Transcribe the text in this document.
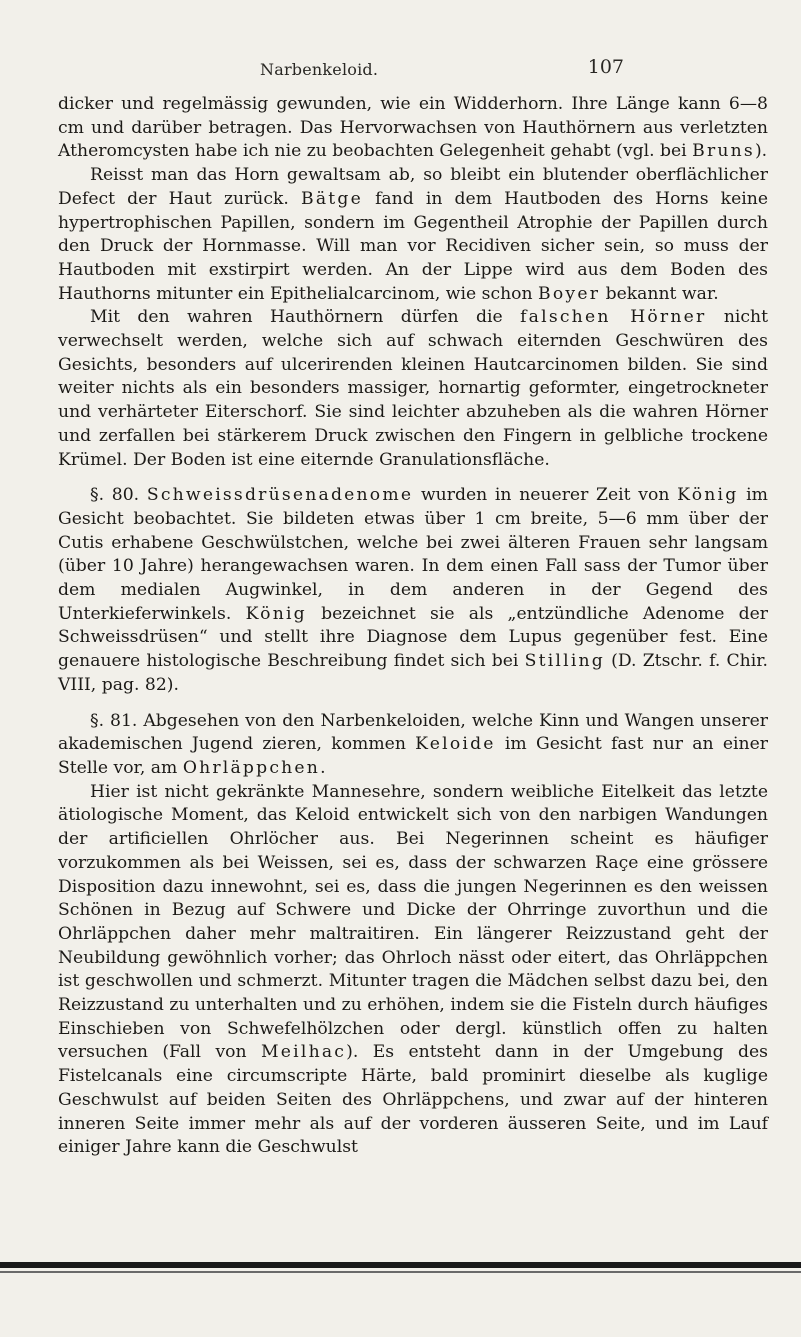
Narbenkeloid.	107

dicker und regelmässig gewunden, wie ein Widderhorn. Ihre Länge kann 6—8 cm und darüber betragen. Das Hervorwachsen von Hauthörnern aus verletzten Atheromcysten habe ich nie zu beobachten Gelegenheit gehabt (vgl. bei Bruns).

Reisst man das Horn gewaltsam ab, so bleibt ein blutender oberflächlicher Defect der Haut zurück. Bätge fand in dem Hautboden des Horns keine hypertrophischen Papillen, sondern im Gegentheil Atrophie der Papillen durch den Druck der Hornmasse. Will man vor Recidiven sicher sein, so muss der Hautboden mit exstirpirt werden. An der Lippe wird aus dem Boden des Hauthorns mitunter ein Epithelialcarcinom, wie schon Boyer bekannt war.

Mit den wahren Hauthörnern dürfen die falschen Hörner nicht verwechselt werden, welche sich auf schwach eiternden Geschwüren des Gesichts, besonders auf ulcerirenden kleinen Hautcarcinomen bilden. Sie sind weiter nichts als ein besonders massiger, hornartig geformter, eingetrockneter und verhärteter Eiterschorf. Sie sind leichter abzuheben als die wahren Hörner und zerfallen bei stärkerem Druck zwischen den Fingern in gelbliche trockene Krümel. Der Boden ist eine eiternde Granulationsfläche.

§. 80. Schweissdrüsenadenome wurden in neuerer Zeit von König im Gesicht beobachtet. Sie bildeten etwas über 1 cm breite, 5—6 mm über der Cutis erhabene Geschwülstchen, welche bei zwei älteren Frauen sehr langsam (über 10 Jahre) herangewachsen waren. In dem einen Fall sass der Tumor über dem medialen Augwinkel, in dem anderen in der Gegend des Unterkieferwinkels. König bezeichnet sie als „entzündliche Adenome der Schweissdrüsen“ und stellt ihre Diagnose dem Lupus gegenüber fest. Eine genauere histologische Beschreibung findet sich bei Stilling (D. Ztschr. f. Chir. VIII, pag. 82).

§. 81. Abgesehen von den Narbenkeloiden, welche Kinn und Wangen unserer akademischen Jugend zieren, kommen Keloide im Gesicht fast nur an einer Stelle vor, am Ohrläppchen.

Hier ist nicht gekränkte Mannesehre, sondern weibliche Eitelkeit das letzte ätiologische Moment, das Keloid entwickelt sich von den narbigen Wandungen der artificiellen Ohrlöcher aus. Bei Negerinnen scheint es häufiger vorzukommen als bei Weissen, sei es, dass der schwarzen Raçe eine grössere Disposition dazu innewohnt, sei es, dass die jungen Negerinnen es den weissen Schönen in Bezug auf Schwere und Dicke der Ohrringe zuvorthun und die Ohrläppchen daher mehr maltraitiren. Ein längerer Reizzustand geht der Neubildung gewöhnlich vorher; das Ohrloch nässt oder eitert, das Ohrläppchen ist geschwollen und schmerzt. Mitunter tragen die Mädchen selbst dazu bei, den Reizzustand zu unterhalten und zu erhöhen, indem sie die Fisteln durch häufiges Einschieben von Schwefelhölzchen oder dergl. künstlich offen zu halten versuchen (Fall von Meilhac). Es entsteht dann in der Umgebung des Fistelcanals eine circumscripte Härte, bald prominirt dieselbe als kuglige Geschwulst auf beiden Seiten des Ohrläppchens, und zwar auf der hinteren inneren Seite immer mehr als auf der vorderen äusseren Seite, und im Lauf einiger Jahre kann die Geschwulst
